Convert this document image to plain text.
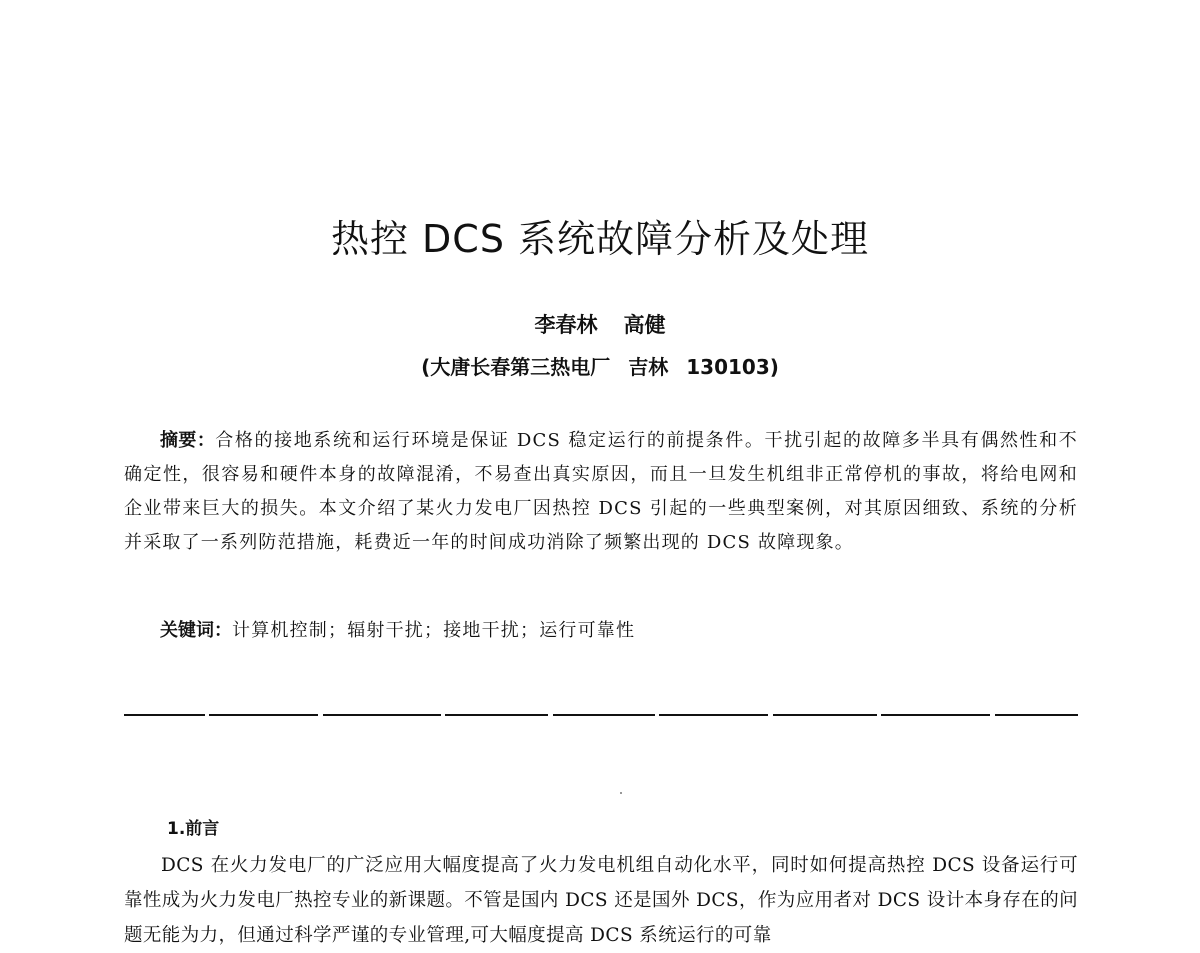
热控 DCS 系统故障分析及处理
李春林 高健
(大唐长春第三热电厂 吉林 130103)
摘要：合格的接地系统和运行环境是保证 DCS 稳定运行的前提条件。干扰引起的故障多半具有偶然性和不确定性，很容易和硬件本身的故障混淆，不易查出真实原因，而且一旦发生机组非正常停机的事故，将给电网和企业带来巨大的损失。本文介绍了某火力发电厂因热控 DCS 引起的一些典型案例，对其原因细致、系统的分析并采取了一系列防范措施，耗费近一年的时间成功消除了频繁出现的 DCS 故障现象。
关键词：计算机控制；辐射干扰；接地干扰；运行可靠性
1.前言
DCS 在火力发电厂的广泛应用大幅度提高了火力发电机组自动化水平，同时如何提高热控 DCS 设备运行可靠性成为火力发电厂热控专业的新课题。不管是国内 DCS 还是国外 DCS，作为应用者对 DCS 设计本身存在的问题无能为力，但通过科学严谨的专业管理,可大幅度提高 DCS 系统运行的可靠
